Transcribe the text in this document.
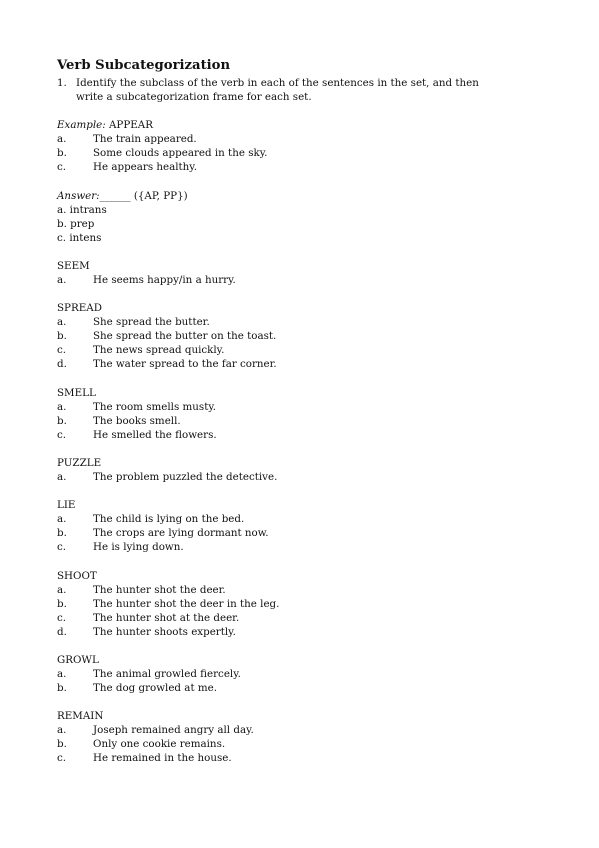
Verb Subcategorization
1. Identify the subclass of the verb in each of the sentences in the set, and then write a subcategorization frame for each set.
Example: APPEAR
a.	The train appeared.
b.	Some clouds appeared in the sky.
c.	He appears healthy.
Answer:______ ({AP, PP})
a. intrans
b. prep
c. intens
SEEM
a.	He seems happy/in a hurry.
SPREAD
a.	She spread the butter.
b.	She spread the butter on the toast.
c.	The news spread quickly.
d.	The water spread to the far corner.
SMELL
a.	The room smells musty.
b.	The books smell.
c.	He smelled the flowers.
PUZZLE
a.	The problem puzzled the detective.
LIE
a.	The child is lying on the bed.
b.	The crops are lying dormant now.
c.	He is lying down.
SHOOT
a.	The hunter shot the deer.
b.	The hunter shot the deer in the leg.
c.	The hunter shot at the deer.
d.	The hunter shoots expertly.
GROWL
a.	The animal growled fiercely.
b.	The dog growled at me.
REMAIN
a.	Joseph remained angry all day.
b.	Only one cookie remains.
c.	He remained in the house.
